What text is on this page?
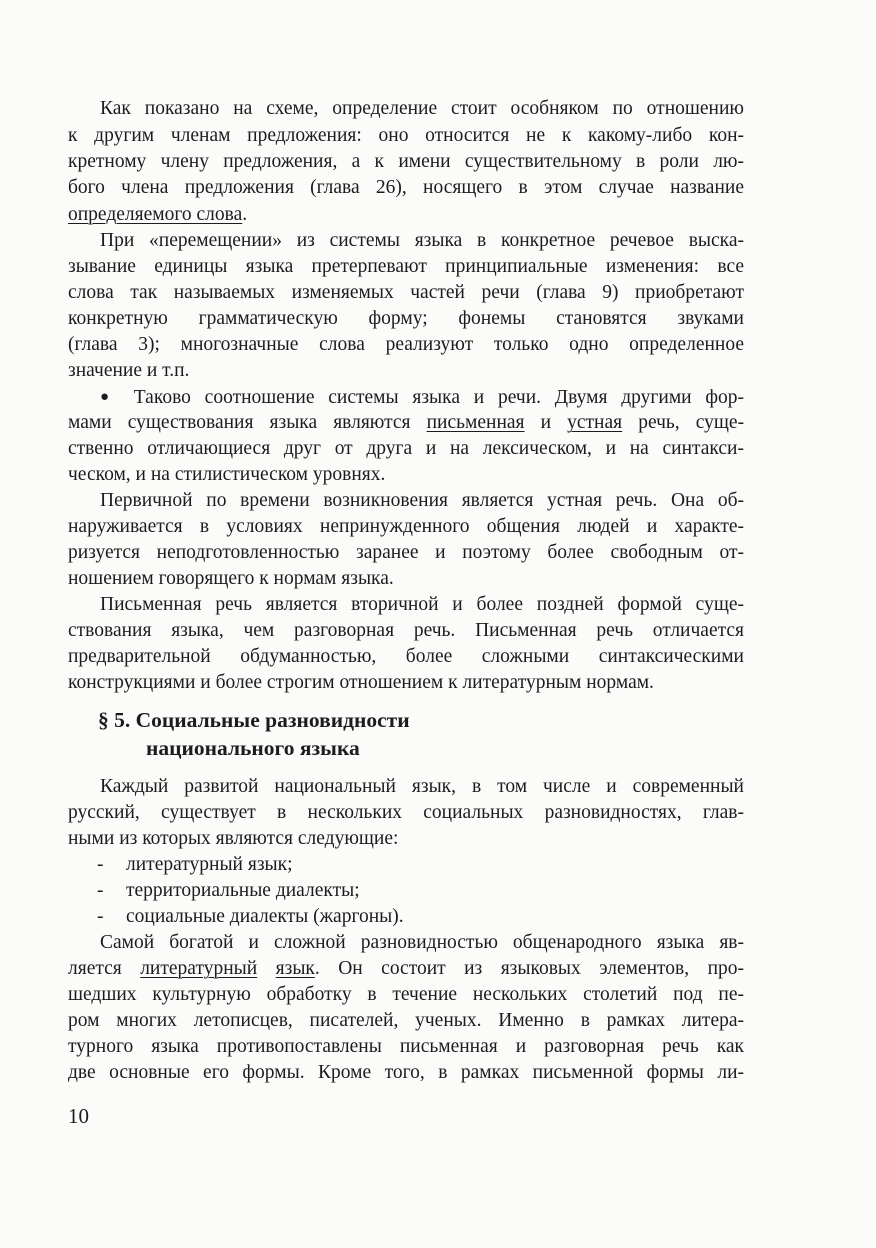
Как показано на схеме, определение стоит особняком по отношению
к другим членам предложения: оно относится не к какому-либо кон-
кретному члену предложения, а к имени существительному в роли лю-
бого члена предложения (глава 26), носящего в этом случае название
определяемого слова.
При «перемещении» из системы языка в конкретное речевое выска-
зывание единицы языка претерпевают принципиальные изменения: все
слова так называемых изменяемых частей речи (глава 9) приобретают
конкретную грамматическую форму; фонемы становятся звуками
(глава 3); многозначные слова реализуют только одно определенное
значение и т.п.
● Таково соотношение системы языка и речи. Двумя другими фор-
мами существования языка являются письменная и устная речь, суще-
ственно отличающиеся друг от друга и на лексическом, и на синтакси-
ческом, и на стилистическом уровнях.
Первичной по времени возникновения является устная речь. Она об-
наруживается в условиях непринужденного общения людей и характе-
ризуется неподготовленностью заранее и поэтому более свободным от-
ношением говорящего к нормам языка.
Письменная речь является вторичной и более поздней формой суще-
ствования языка, чем разговорная речь. Письменная речь отличается
предварительной обдуманностью, более сложными синтаксическими
конструкциями и более строгим отношением к литературным нормам.
§ 5. Социальные разновидности
национального языка
Каждый развитой национальный язык, в том числе и современный
русский, существует в нескольких социальных разновидностях, глав-
ными из которых являются следующие:
- литературный язык;
- территориальные диалекты;
- социальные диалекты (жаргоны).
Самой богатой и сложной разновидностью общенародного языка яв-
ляется литературный язык. Он состоит из языковых элементов, про-
шедших культурную обработку в течение нескольких столетий под пе-
ром многих летописцев, писателей, ученых. Именно в рамках литера-
турного языка противопоставлены письменная и разговорная речь как
две основные его формы. Кроме того, в рамках письменной формы ли-
10
